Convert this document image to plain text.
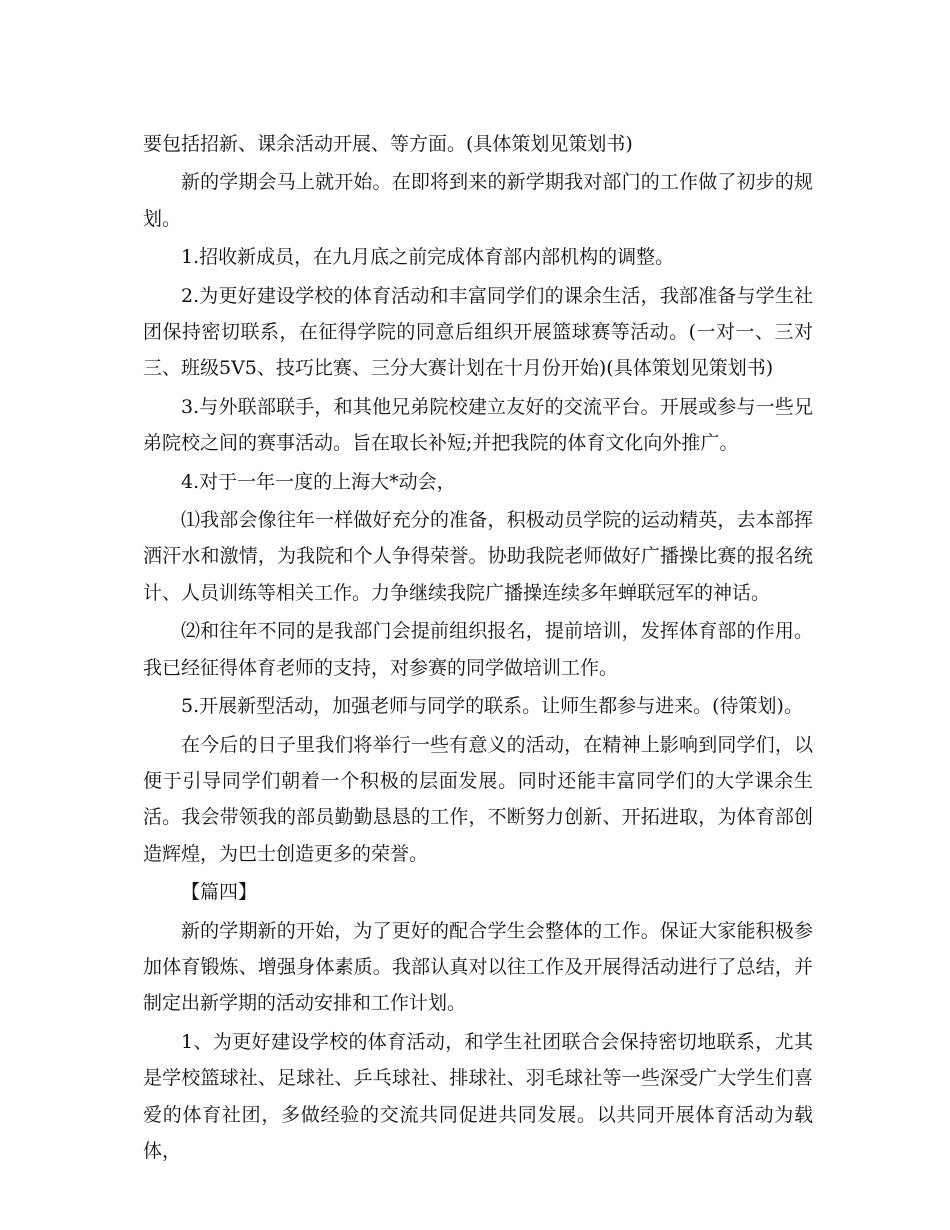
要包括招新、课余活动开展、等方面。(具体策划见策划书)

新的学期会马上就开始。在即将到来的新学期我对部门的工作做了初步的规划。

1.招收新成员，在九月底之前完成体育部内部机构的调整。

2.为更好建设学校的体育活动和丰富同学们的课余生活，我部准备与学生社团保持密切联系，在征得学院的同意后组织开展篮球赛等活动。(一对一、三对三、班级5V5、技巧比赛、三分大赛计划在十月份开始)(具体策划见策划书)

3.与外联部联手，和其他兄弟院校建立友好的交流平台。开展或参与一些兄弟院校之间的赛事活动。旨在取长补短;并把我院的体育文化向外推广。

4.对于一年一度的上海大*动会，

⑴我部会像往年一样做好充分的准备，积极动员学院的运动精英，去本部挥洒汗水和激情，为我院和个人争得荣誉。协助我院老师做好广播操比赛的报名统计、人员训练等相关工作。力争继续我院广播操连续多年蝉联冠军的神话。

⑵和往年不同的是我部门会提前组织报名，提前培训，发挥体育部的作用。我已经征得体育老师的支持，对参赛的同学做培训工作。

5.开展新型活动，加强老师与同学的联系。让师生都参与进来。(待策划)。

在今后的日子里我们将举行一些有意义的活动，在精神上影响到同学们，以便于引导同学们朝着一个积极的层面发展。同时还能丰富同学们的大学课余生活。我会带领我的部员勤勤恳恳的工作，不断努力创新、开拓进取，为体育部创造辉煌，为巴士创造更多的荣誉。

【篇四】

新的学期新的开始，为了更好的配合学生会整体的工作。保证大家能积极参加体育锻炼、增强身体素质。我部认真对以往工作及开展得活动进行了总结，并制定出新学期的活动安排和工作计划。

1、为更好建设学校的体育活动，和学生社团联合会保持密切地联系，尤其是学校篮球社、足球社、乒乓球社、排球社、羽毛球社等一些深受广大学生们喜爱的体育社团，多做经验的交流共同促进共同发展。以共同开展体育活动为载体，
